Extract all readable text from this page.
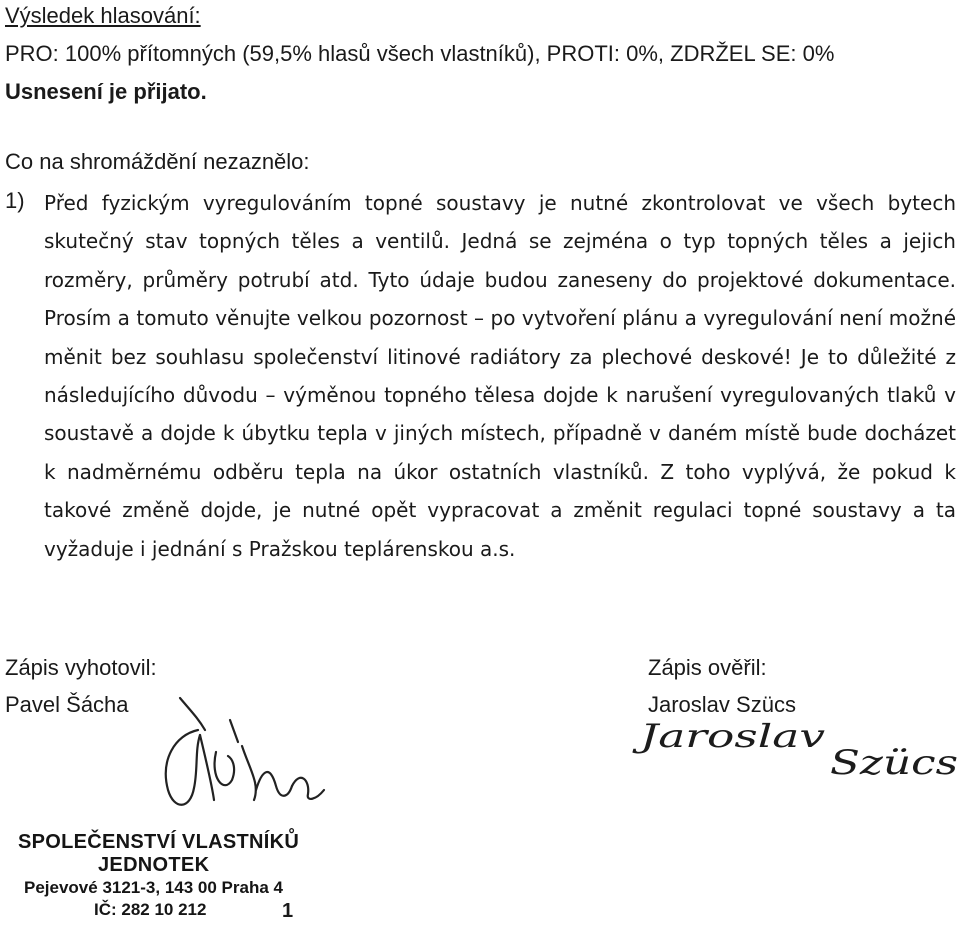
Výsledek hlasování:
PRO: 100% přítomných (59,5% hlasů všech vlastníků), PROTI: 0%, ZDRŽEL SE: 0%
Usnesení je přijato.
Co na shromáždění nezaznělo:
1) Před fyzickým vyregulováním topné soustavy je nutné zkontrolovat ve všech bytech skutečný stav topných těles a ventilů. Jedná se zejména o typ topných těles a jejich rozměry, průměry potrubí atd. Tyto údaje budou zaneseny do projektové dokumentace. Prosím a tomuto věnujte velkou pozornost – po vytvoření plánu a vyregulování není možné měnit bez souhlasu společenství litinové radiátory za plechové deskové! Je to důležité z následujícího důvodu – výměnou topného tělesa dojde k narušení vyregulovaných tlaků v soustavě a dojde k úbytku tepla v jiných místech, případně v daném místě bude docházet k nadměrnému odběru tepla na úkor ostatních vlastníků. Z toho vyplývá, že pokud k takové změně dojde, je nutné opět vypracovat a změnit regulaci topné soustavy a ta vyžaduje i jednání s Pražskou teplárenskou a.s.
Zápis vyhotovil:
Pavel Šácha
Zápis ověřil:
Jaroslav Szücs
Jaroslav
Szücs
SPOLEČENSTVÍ VLASTNÍKŮ
JEDNOTEK
Pejevové 3121-3, 143 00 Praha 4
IČ: 282 10 212	1
